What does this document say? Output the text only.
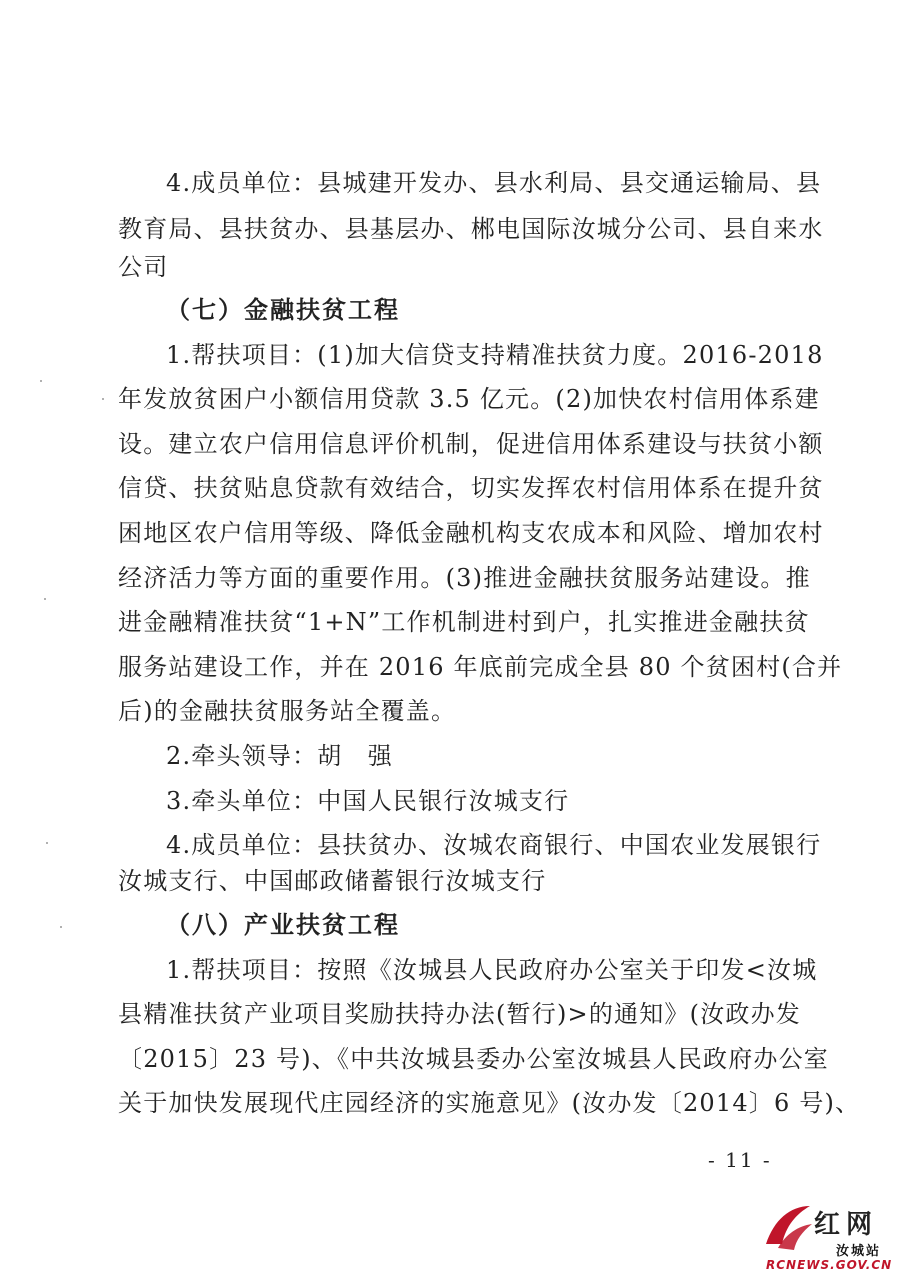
4.成员单位：县城建开发办、县水利局、县交通运输局、县
教育局、县扶贫办、县基层办、郴电国际汝城分公司、县自来水
公司
（七）金融扶贫工程
1.帮扶项目：(1)加大信贷支持精准扶贫力度。2016-2018
年发放贫困户小额信用贷款 3.5 亿元。(2)加快农村信用体系建
设。建立农户信用信息评价机制，促进信用体系建设与扶贫小额
信贷、扶贫贴息贷款有效结合，切实发挥农村信用体系在提升贫
困地区农户信用等级、降低金融机构支农成本和风险、增加农村
经济活力等方面的重要作用。(3)推进金融扶贫服务站建设。推
进金融精准扶贫“1+N”工作机制进村到户，扎实推进金融扶贫
服务站建设工作，并在 2016 年底前完成全县 80 个贫困村(合并
后)的金融扶贫服务站全覆盖。
2.牵头领导：胡　强
3.牵头单位：中国人民银行汝城支行
4.成员单位：县扶贫办、汝城农商银行、中国农业发展银行
汝城支行、中国邮政储蓄银行汝城支行
（八）产业扶贫工程
1.帮扶项目：按照《汝城县人民政府办公室关于印发<汝城
县精准扶贫产业项目奖励扶持办法(暂行)>的通知》(汝政办发
〔2015〕23 号)、《中共汝城县委办公室汝城县人民政府办公室
关于加快发展现代庄园经济的实施意见》(汝办发〔2014〕6 号)、
- 11 -
红网
汝城站
RCNEWS.GOV.CN
